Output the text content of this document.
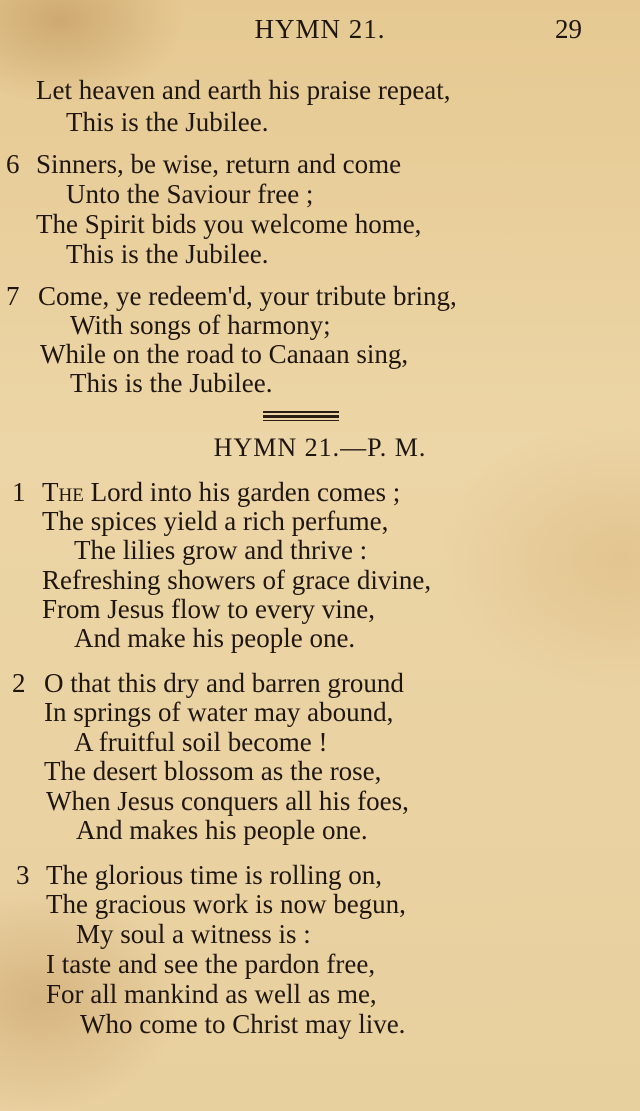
HYMN 21.	29
Let heaven and earth his praise repeat,
This is the Jubilee.
6 Sinners, be wise, return and come
Unto the Saviour free ;
The Spirit bids you welcome home,
This is the Jubilee.
7 Come, ye redeem'd, your tribute bring,
With songs of harmony;
While on the road to Canaan sing,
This is the Jubilee.
HYMN 21.—P. M.
1 The Lord into his garden comes ;
The spices yield a rich perfume,
The lilies grow and thrive :
Refreshing showers of grace divine,
From Jesus flow to every vine,
And make his people one.
2 O that this dry and barren ground
In springs of water may abound,
A fruitful soil become !
The desert blossom as the rose,
When Jesus conquers all his foes,
And makes his people one.
3 The glorious time is rolling on,
The gracious work is now begun,
My soul a witness is :
I taste and see the pardon free,
For all mankind as well as me,
Who come to Christ may live.
